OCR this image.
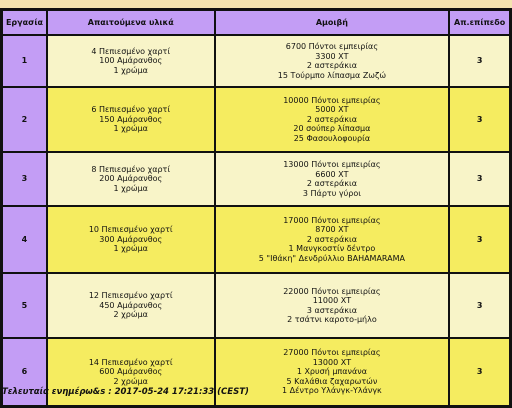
Εργασία	Απαιτούμενα υλικά	Αμοιβή	Απ.επίπεδο
1	4 Πεπιεσμένο χαρτί
100 Αμάρανθος
1 χρώμα	6700 Πόντοι εμπειρίας
3300 ΧΤ
2 αστεράκια
15 Τούρμπο λίπασμα Ζωζώ	3
2	6 Πεπιεσμένο χαρτί
150 Αμάρανθος
1 χρώμα	10000 Πόντοι εμπειρίας
5000 ΧΤ
2 αστεράκια
20 σούπερ λίπασμα
25 Φασουλοφουρία	3
3	8 Πεπιεσμένο χαρτί
200 Αμάρανθος
1 χρώμα	13000 Πόντοι εμπειρίας
6600 ΧΤ
2 αστεράκια
3 Πάρτυ γύροι	3
4	10 Πεπιεσμένο χαρτί
300 Αμάρανθος
1 χρώμα	17000 Πόντοι εμπειρίας
8700 ΧΤ
2 αστεράκια
1 Μανγκοστίν δέντρο
5 "Ιθάκη" Δενδρύλλιο BAHAMARAMA	3
5	12 Πεπιεσμένο χαρτί
450 Αμάρανθος
2 χρώμα	22000 Πόντοι εμπειρίας
11000 ΧΤ
3 αστεράκια
2 τσάτνι καροτο-μήλο	3
6	14 Πεπιεσμένο χαρτί
600 Αμάρανθος
2 χρώμα	27000 Πόντοι εμπειρίας
13000 ΧΤ
1 Χρυσή μπανάνα
5 Καλάθια ζαχαρωτών
1 Δέντρο Υλάνγκ-Υλάνγκ	3
Τελευταία ενημέρω&s : 2017-05-24 17:21:33 (CEST)
